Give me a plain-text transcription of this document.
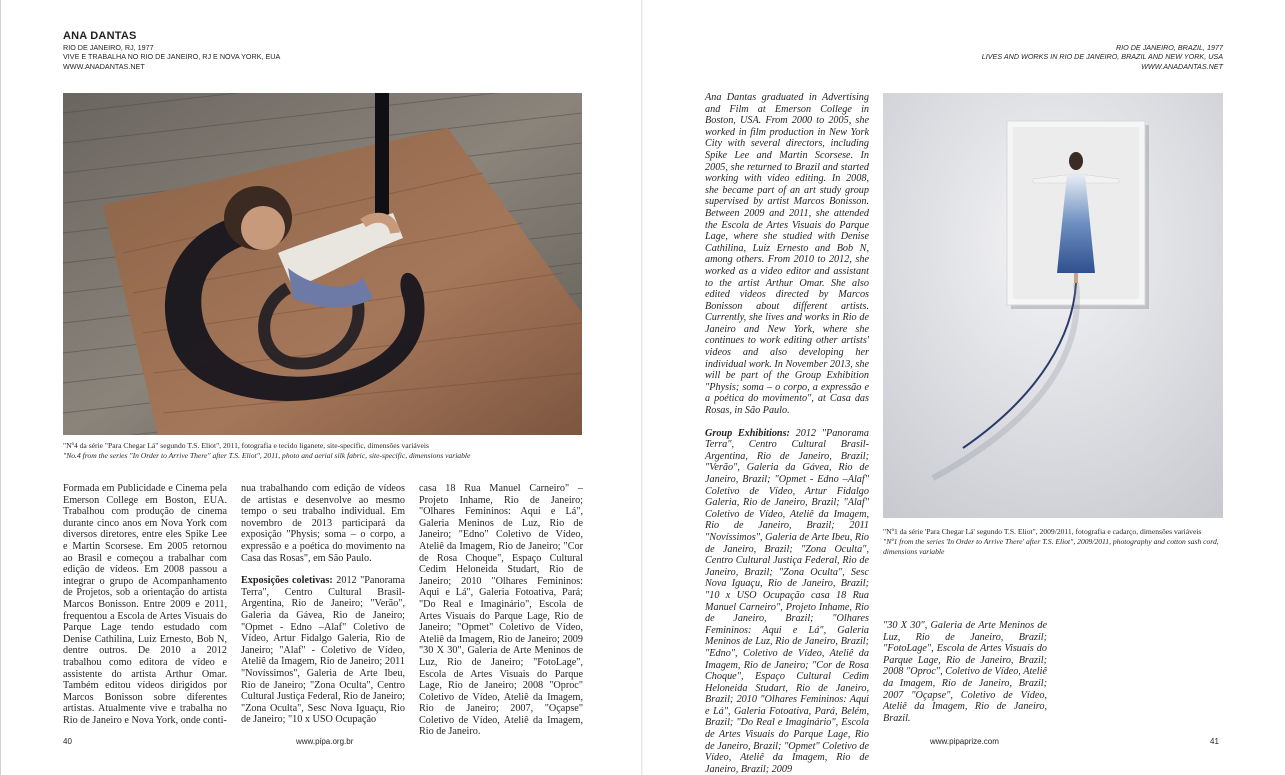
ANA DANTAS
RIO DE JANEIRO, RJ, 1977
VIVE E TRABALHA NO RIO DE JANEIRO, RJ E NOVA YORK, EUA
WWW.ANADANTAS.NET
"Nº4 da série "Para Chegar Lá" segundo T.S. Eliot", 2011, fotografia e tecido liganete, site-specific, dimensões variáveis
"No.4 from the series "In Order to Arrive There" after T.S. Eliot", 2011, photo and aerial silk fabric, site-specific, dimensions variable

Formada em Publicidade e Cinema pela Emerson College em Boston, EUA. Trabalhou com produção de cinema durante cinco anos em Nova York com diversos diretores, entre eles Spike Lee e Martin Scorsese. Em 2005 retornou ao Brasil e começou a trabalhar com edição de vídeos. Em 2008 passou a integrar o grupo de Acompanhamento de Projetos, sob a orientação do artista Marcos Bonisson. Entre 2009 e 2011, frequentou a Escola de Artes Visuais do Parque Lage tendo estudado com Denise Cathilina, Luiz Ernesto, Bob N, dentre outros. De 2010 a 2012 trabalhou como editora de vídeo e assistente do artista Arthur Omar. Também editou vídeos dirigidos por Marcos Bonisson sobre diferentes artistas. Atualmente vive e trabalha no Rio de Janeiro e Nova York, onde conti-

nua trabalhando com edição de vídeos de artistas e desenvolve ao mesmo tempo o seu trabalho individual. Em novembro de 2013 participará da exposição "Physis; soma – o corpo, a expressão e a poética do movimento na Casa das Rosas", em São Paulo.

Exposições coletivas: 2012 "Panorama Terra", Centro Cultural Brasil-Argentina, Rio de Janeiro; "Verão", Galeria da Gávea, Rio de Janeiro; "Opmet - Edno –Alaf" Coletivo de Vídeo, Artur Fidalgo Galeria, Rio de Janeiro; "Alaf" - Coletivo de Vídeo, Ateliê da Imagem, Rio de Janeiro; 2011 "Novíssimos", Galeria de Arte Ibeu, Rio de Janeiro; "Zona Oculta", Centro Cultural Justiça Federal, Rio de Janeiro; "Zona Oculta", Sesc Nova Iguaçu, Rio de Janeiro; "10 x USO Ocupação

casa 18 Rua Manuel Carneiro" – Projeto Inhame, Rio de Janeiro; "Olhares Femininos: Aqui e Lá", Galeria Meninos de Luz, Rio de Janeiro; "Edno" Coletivo de Vídeo, Ateliê da Imagem, Rio de Janeiro; "Cor de Rosa Choque", Espaço Cultural Cedim Heloneida Studart, Rio de Janeiro; 2010 "Olhares Femininos: Aqui e Lá", Galeria Fotoativa, Pará; "Do Real e Imaginário", Escola de Artes Visuais do Parque Lage, Rio de Janeiro; "Opmet" Coletivo de Vídeo, Ateliê da Imagem, Rio de Janeiro; 2009 "30 X 30", Galeria de Arte Meninos de Luz, Rio de Janeiro; "FotoLage", Escola de Artes Visuais do Parque Lage, Rio de Janeiro; 2008 "Oproc" Coletivo de Vídeo, Ateliê da Imagem, Rio de Janeiro; 2007, "Oçapse" Coletivo de Vídeo, Ateliê da Imagem, Rio de Janeiro.

40	www.pipa.org.br
RIO DE JANEIRO, BRAZIL, 1977
LIVES AND WORKS IN RIO DE JANEIRO, BRAZIL AND NEW YORK, USA
WWW.ANADANTAS.NET

Ana Dantas graduated in Advertising and Film at Emerson College in Boston, USA. From 2000 to 2005, she worked in film production in New York City with several directors, including Spike Lee and Martin Scorsese. In 2005, she returned to Brazil and started working with video editing. In 2008, she became part of an art study group supervised by artist Marcos Bonisson. Between 2009 and 2011, she attended the Escola de Artes Visuais do Parque Lage, where she studied with Denise Cathilina, Luiz Ernesto and Bob N, among others. From 2010 to 2012, she worked as a video editor and assistant to the artist Arthur Omar. She also edited videos directed by Marcos Bonisson about different artists. Currently, she lives and works in Rio de Janeiro and New York, where she continues to work editing other artists' videos and also developing her individual work. In November 2013, she will be part of the Group Exhibition "Physis; soma – o corpo, a expressão e a poética do movimento", at Casa das Rosas, in São Paulo.

Group Exhibitions: 2012 "Panorama Terra", Centro Cultural Brasil-Argentina, Rio de Janeiro, Brazil; "Verão", Galeria da Gávea, Rio de Janeiro, Brazil; "Opmet - Edno –Alaf" Coletivo de Vídeo, Artur Fidalgo Galeria, Rio de Janeiro, Brazil; "Alaf" Coletivo de Vídeo, Ateliê da Imagem, Rio de Janeiro, Brazil; 2011 "Novíssimos", Galeria de Arte Ibeu, Rio de Janeiro, Brazil; "Zona Oculta", Centro Cultural Justiça Federal, Rio de Janeiro, Brazil; "Zona Oculta", Sesc Nova Iguaçu, Rio de Janeiro, Brazil; "10 x USO Ocupação casa 18 Rua Manuel Carneiro", Projeto Inhame, Rio de Janeiro, Brazil; "Olhares Femininos: Aqui e Lá", Galeria Meninos de Luz, Rio de Janeiro, Brazil; "Edno", Coletivo de Vídeo, Ateliê da Imagem, Rio de Janeiro; "Cor de Rosa Choque", Espaço Cultural Cedim Heloneida Studart, Rio de Janeiro, Brazil; 2010 "Olhares Femininos: Aqui e Lá", Galeria Fotoativa, Pará, Belém, Brazil; "Do Real e Imaginário", Escola de Artes Visuais do Parque Lage, Rio de Janeiro, Brazil; "Opmet" Coletivo de Vídeo, Ateliê da Imagem, Rio de Janeiro, Brazil; 2009

"Nº1 da série 'Para Chegar Lá' segundo T.S. Eliot", 2009/2011, fotografia e cadarço, dimensões variáveis
"Nº1 from the series 'In Order to Arrive There' after T.S. Eliot", 2009/2011, photography and cotton sash cord, dimensions variable

"30 X 30", Galeria de Arte Meninos de Luz, Rio de Janeiro, Brazil; "FotoLage", Escola de Artes Visuais do Parque Lage, Rio de Janeiro, Brazil; 2008 "Oproc", Coletivo de Vídeo, Ateliê da Imagem, Rio de Janeiro, Brazil; 2007 "Oçapse", Coletivo de Vídeo, Ateliê da Imagem, Rio de Janeiro, Brazil.

www.pipaprize.com	41
